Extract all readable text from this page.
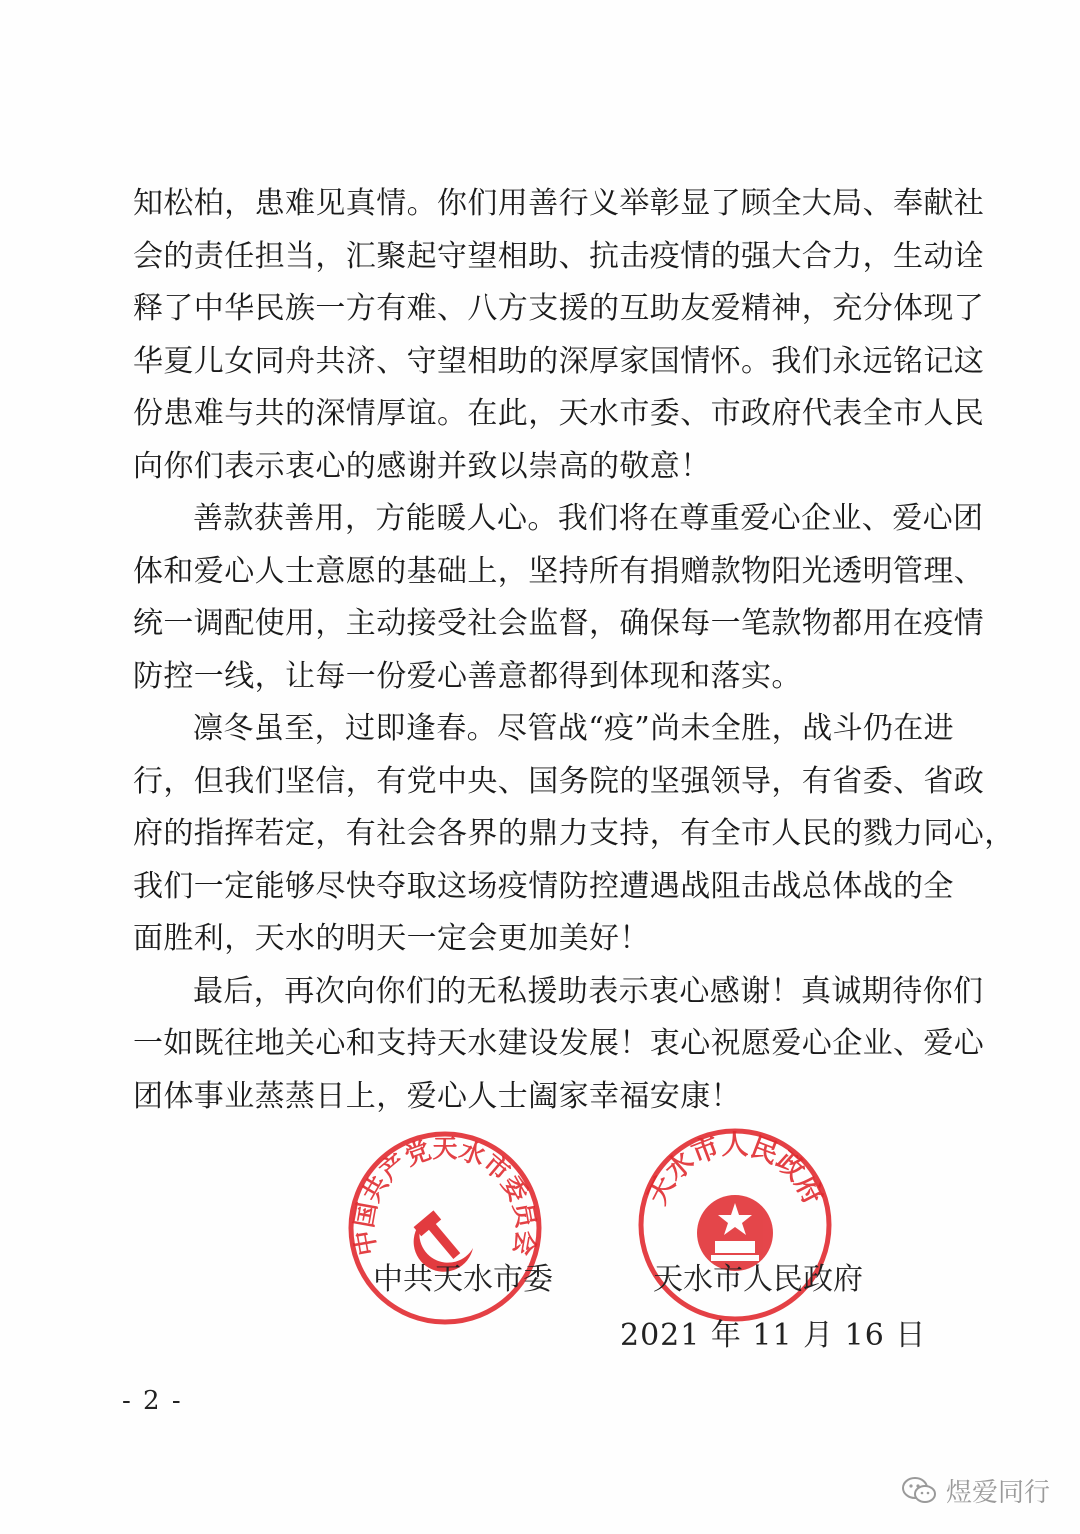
知松柏，患难见真情。你们用善行义举彰显了顾全大局、奉献社
会的责任担当，汇聚起守望相助、抗击疫情的强大合力，生动诠
释了中华民族一方有难、八方支援的互助友爱精神，充分体现了
华夏儿女同舟共济、守望相助的深厚家国情怀。我们永远铭记这
份患难与共的深情厚谊。在此，天水市委、市政府代表全市人民
向你们表示衷心的感谢并致以崇高的敬意！
善款获善用，方能暖人心。我们将在尊重爱心企业、爱心团
体和爱心人士意愿的基础上，坚持所有捐赠款物阳光透明管理、
统一调配使用，主动接受社会监督，确保每一笔款物都用在疫情
防控一线，让每一份爱心善意都得到体现和落实。
凛冬虽至，过即逢春。尽管战“疫”尚未全胜，战斗仍在进
行，但我们坚信，有党中央、国务院的坚强领导，有省委、省政
府的指挥若定，有社会各界的鼎力支持，有全市人民的戮力同心，
我们一定能够尽快夺取这场疫情防控遭遇战阻击战总体战的全
面胜利，天水的明天一定会更加美好！
最后，再次向你们的无私援助表示衷心感谢！真诚期待你们
一如既往地关心和支持天水建设发展！衷心祝愿爱心企业、爱心
团体事业蒸蒸日上，爱心人士阖家幸福安康！
中国共产党天水市委员会
天水市人民政府
中共天水市委	天水市人民政府
2021 年 11 月 16 日
- 2 -
煜爱同行
